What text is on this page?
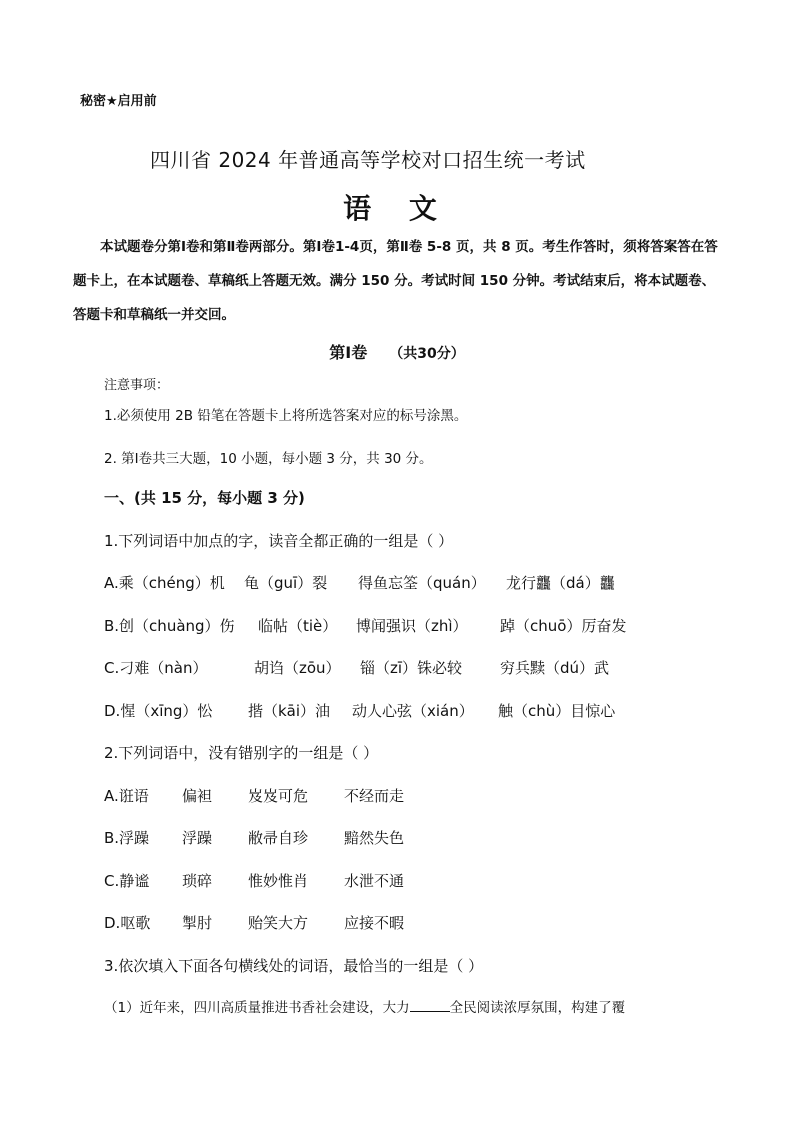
秘密★启用前
四川省 2024 年普通高等学校对口招生统一考试
语 文
本试题卷分第Ⅰ卷和第Ⅱ卷两部分。第Ⅰ卷1-4页，第Ⅱ卷 5-8 页，共 8 页。考生作答时，须将答案答在答题卡上，在本试题卷、草稿纸上答题无效。满分 150 分。考试时间 150 分钟。考试结束后，将本试题卷、答题卡和草稿纸一并交回。
第Ⅰ卷 （共30分）
注意事项：
1.必须使用 2B 铅笔在答题卡上将所选答案对应的标号涂黑。
2. 第Ⅰ卷共三大题，10 小题，每小题 3 分，共 30 分。
一、(共 15 分，每小题 3 分)
1.下列词语中加点的字，读音全都正确的一组是（ ）
A.乘（chéng）机 龟（guī）裂 得鱼忘筌（quán） 龙行龘（dá）龘
B.创（chuàng）伤 临帖（tiè） 博闻强识（zhì） 踔（chuō）厉奋发
C.刁难（nàn）	胡诌（zōu） 锱（zī）铢必较	穷兵黩（dú）武
D.惺（xīng）忪 揩（kāi）油 动人心弦（xián） 触（chù）目惊心
2.下列词语中，没有错别字的一组是（ ）
A.诳语 偏袒 岌岌可危 不经而走
B.浮躁 浮躁 敝帚自珍 黯然失色
C.静谧 琐碎 惟妙惟肖 水泄不通
D.呕歌 掣肘 贻笑大方 应接不暇
3.依次填入下面各句横线处的词语，最恰当的一组是（ ）
（1）近年来，四川高质量推进书香社会建设，大力	全民阅读浓厚氛围，构建了覆
